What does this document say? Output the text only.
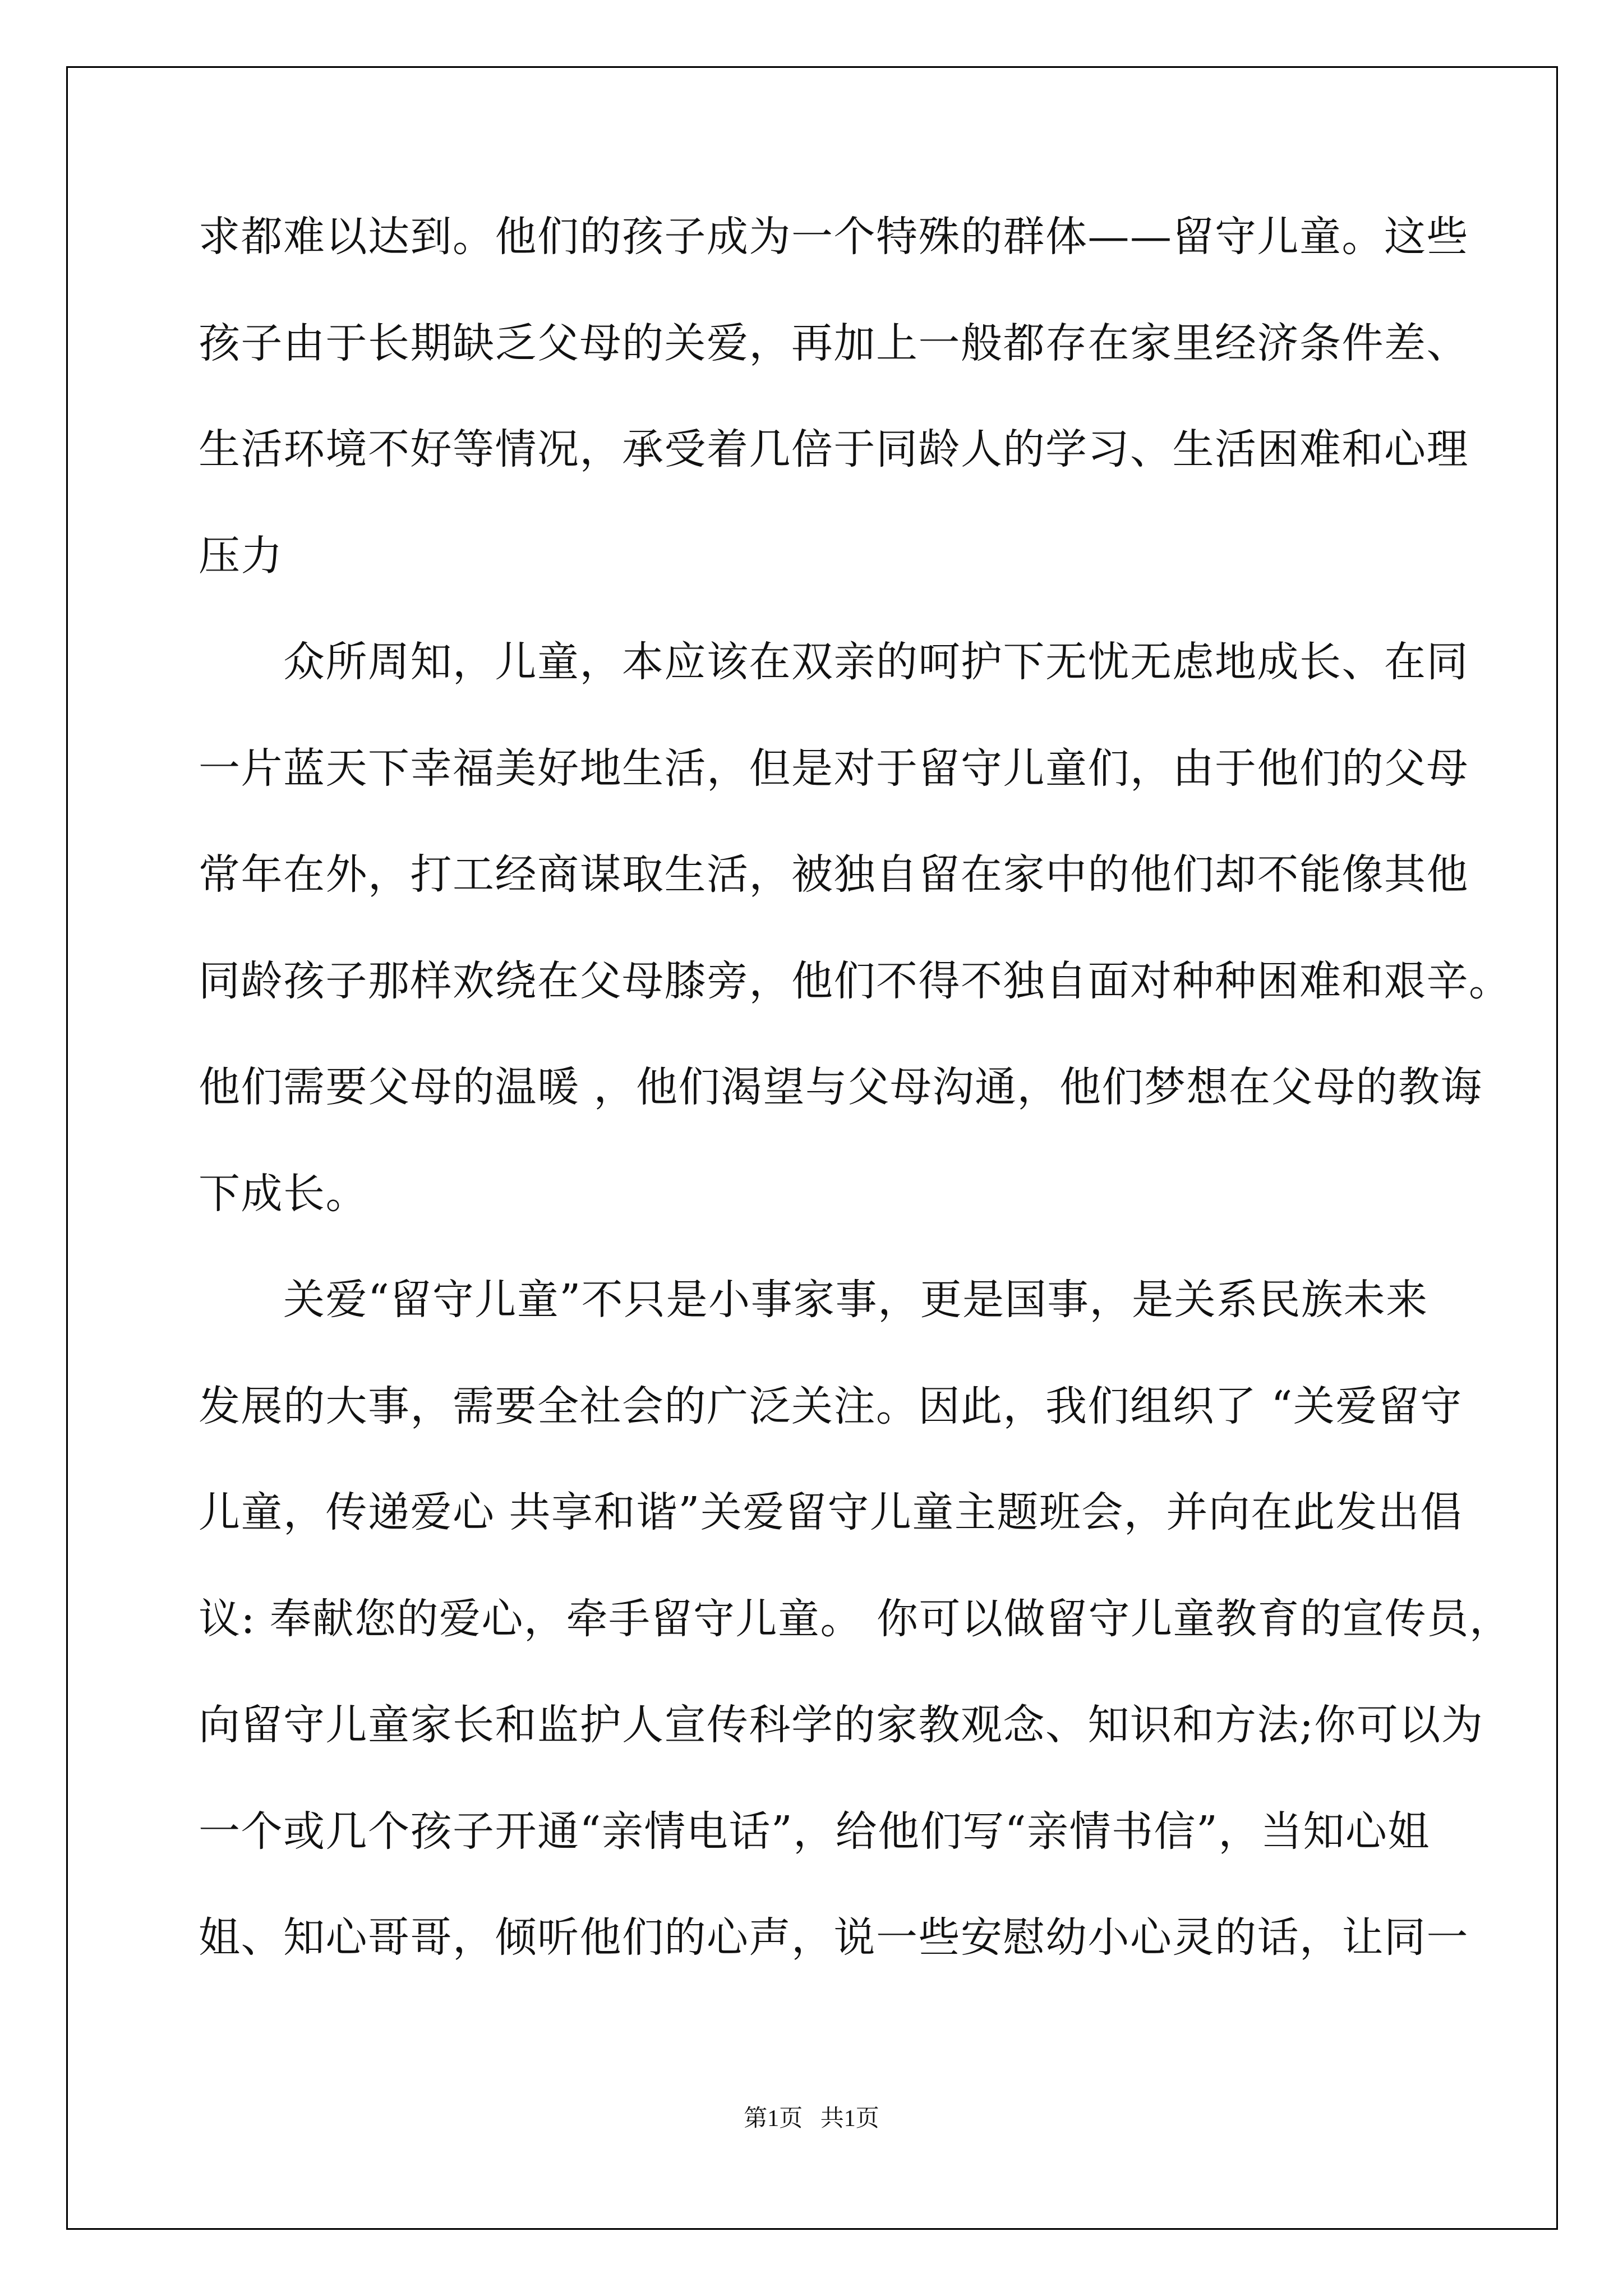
求都难以达到。他们的孩子成为一个特殊的群体——留守儿童。这些
孩子由于长期缺乏父母的关爱，再加上一般都存在家里经济条件差、
生活环境不好等情况，承受着几倍于同龄人的学习、生活困难和心理
压力
　　众所周知，儿童，本应该在双亲的呵护下无忧无虑地成长、在同
一片蓝天下幸福美好地生活，但是对于留守儿童们，由于他们的父母
常年在外，打工经商谋取生活，被独自留在家中的他们却不能像其他
同龄孩子那样欢绕在父母膝旁，他们不得不独自面对种种困难和艰辛。
他们需要父母的温暖 ，他们渴望与父母沟通，他们梦想在父母的教诲
下成长。
　　关爱“留守儿童”不只是小事家事，更是国事，是关系民族未来
发展的大事，需要全社会的广泛关注。因此，我们组织了 “关爱留守
儿童，传递爱心 共享和谐”关爱留守儿童主题班会，并向在此发出倡
议: 奉献您的爱心，牵手留守儿童。 你可以做留守儿童教育的宣传员，
向留守儿童家长和监护人宣传科学的家教观念、知识和方法;你可以为
一个或几个孩子开通“亲情电话”，给他们写“亲情书信”，当知心姐
姐、知心哥哥，倾听他们的心声，说一些安慰幼小心灵的话，让同一
第1页   共1页
